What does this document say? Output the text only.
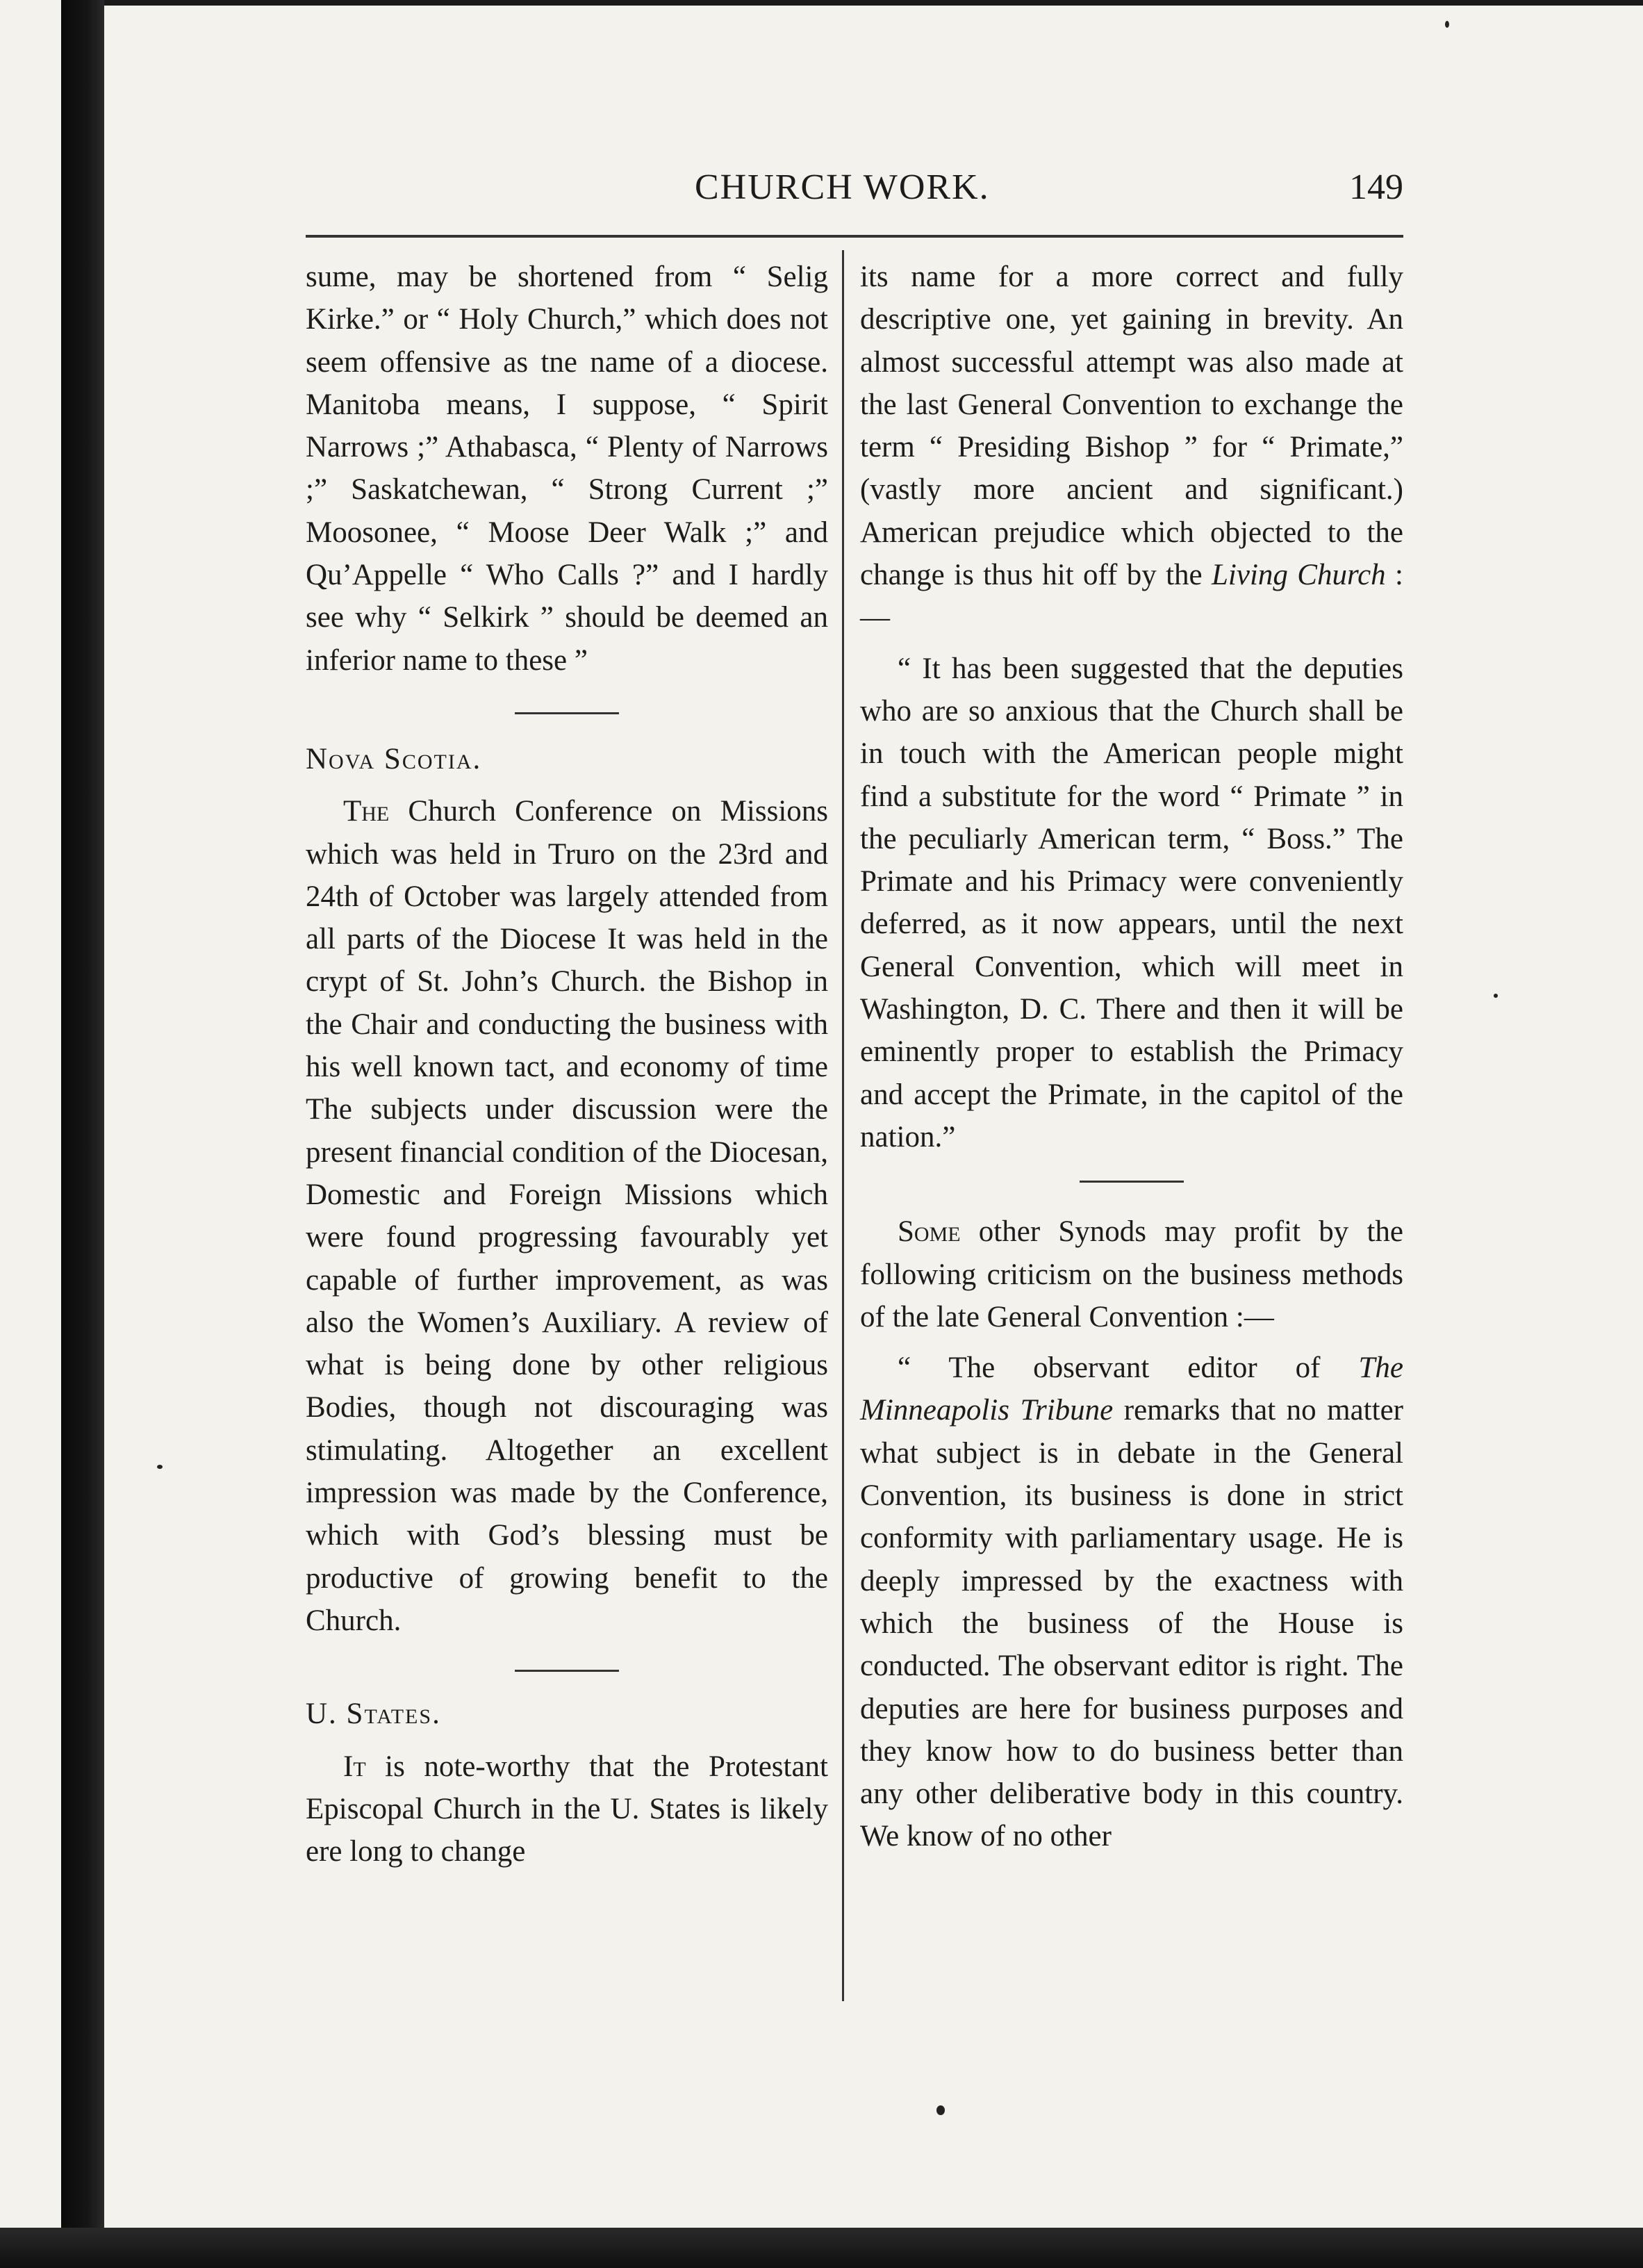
CHURCH WORK.	149

sume, may be shortened from “ Selig Kirke.” or “ Holy Church,” which does not seem offensive as tne name of a diocese. Manitoba means, I suppose, “ Spirit Narrows ;” Athabasca, “ Plenty of Narrows ;” Saskatchewan, “ Strong Current ;” Moosonee, “ Moose Deer Walk ;” and Qu’Appelle “ Who Calls ?” and I hardly see why “ Selkirk ” should be deemed an inferior name to these ”

Nova Scotia.

The Church Conference on Missions which was held in Truro on the 23rd and 24th of October was largely attended from all parts of the Diocese It was held in the crypt of St. John’s Church. the Bishop in the Chair and conducting the business with his well known tact, and economy of time The subjects under discussion were the present financial condition of the Diocesan, Domestic and Foreign Missions which were found progressing favourably yet capable of further improvement, as was also the Women’s Auxiliary. A review of what is being done by other religious Bodies, though not discouraging was stimulating. Altogether an excellent impression was made by the Conference, which with God’s blessing must be productive of growing benefit to the Church.

U. States.

It is note-worthy that the Protestant Episcopal Church in the U. States is likely ere long to change

its name for a more correct and fully descriptive one, yet gaining in brevity. An almost successful attempt was also made at the last General Convention to exchange the term “ Presiding Bishop ” for “ Primate,” (vastly more ancient and significant.) American prejudice which objected to the change is thus hit off by the Living Church :—

“ It has been suggested that the deputies who are so anxious that the Church shall be in touch with the American people might find a substitute for the word “ Primate ” in the peculiarly American term, “ Boss.” The Primate and his Primacy were conveniently deferred, as it now appears, until the next General Convention, which will meet in Washington, D. C. There and then it will be eminently proper to establish the Primacy and accept the Primate, in the capitol of the nation.”

Some other Synods may profit by the following criticism on the business methods of the late General Convention :—

“ The observant editor of The Minneapolis Tribune remarks that no matter what subject is in debate in the General Convention, its business is done in strict conformity with parliamentary usage. He is deeply impressed by the exactness with which the business of the House is conducted. The observant editor is right. The deputies are here for business purposes and they know how to do business better than any other deliberative body in this country. We know of no other
